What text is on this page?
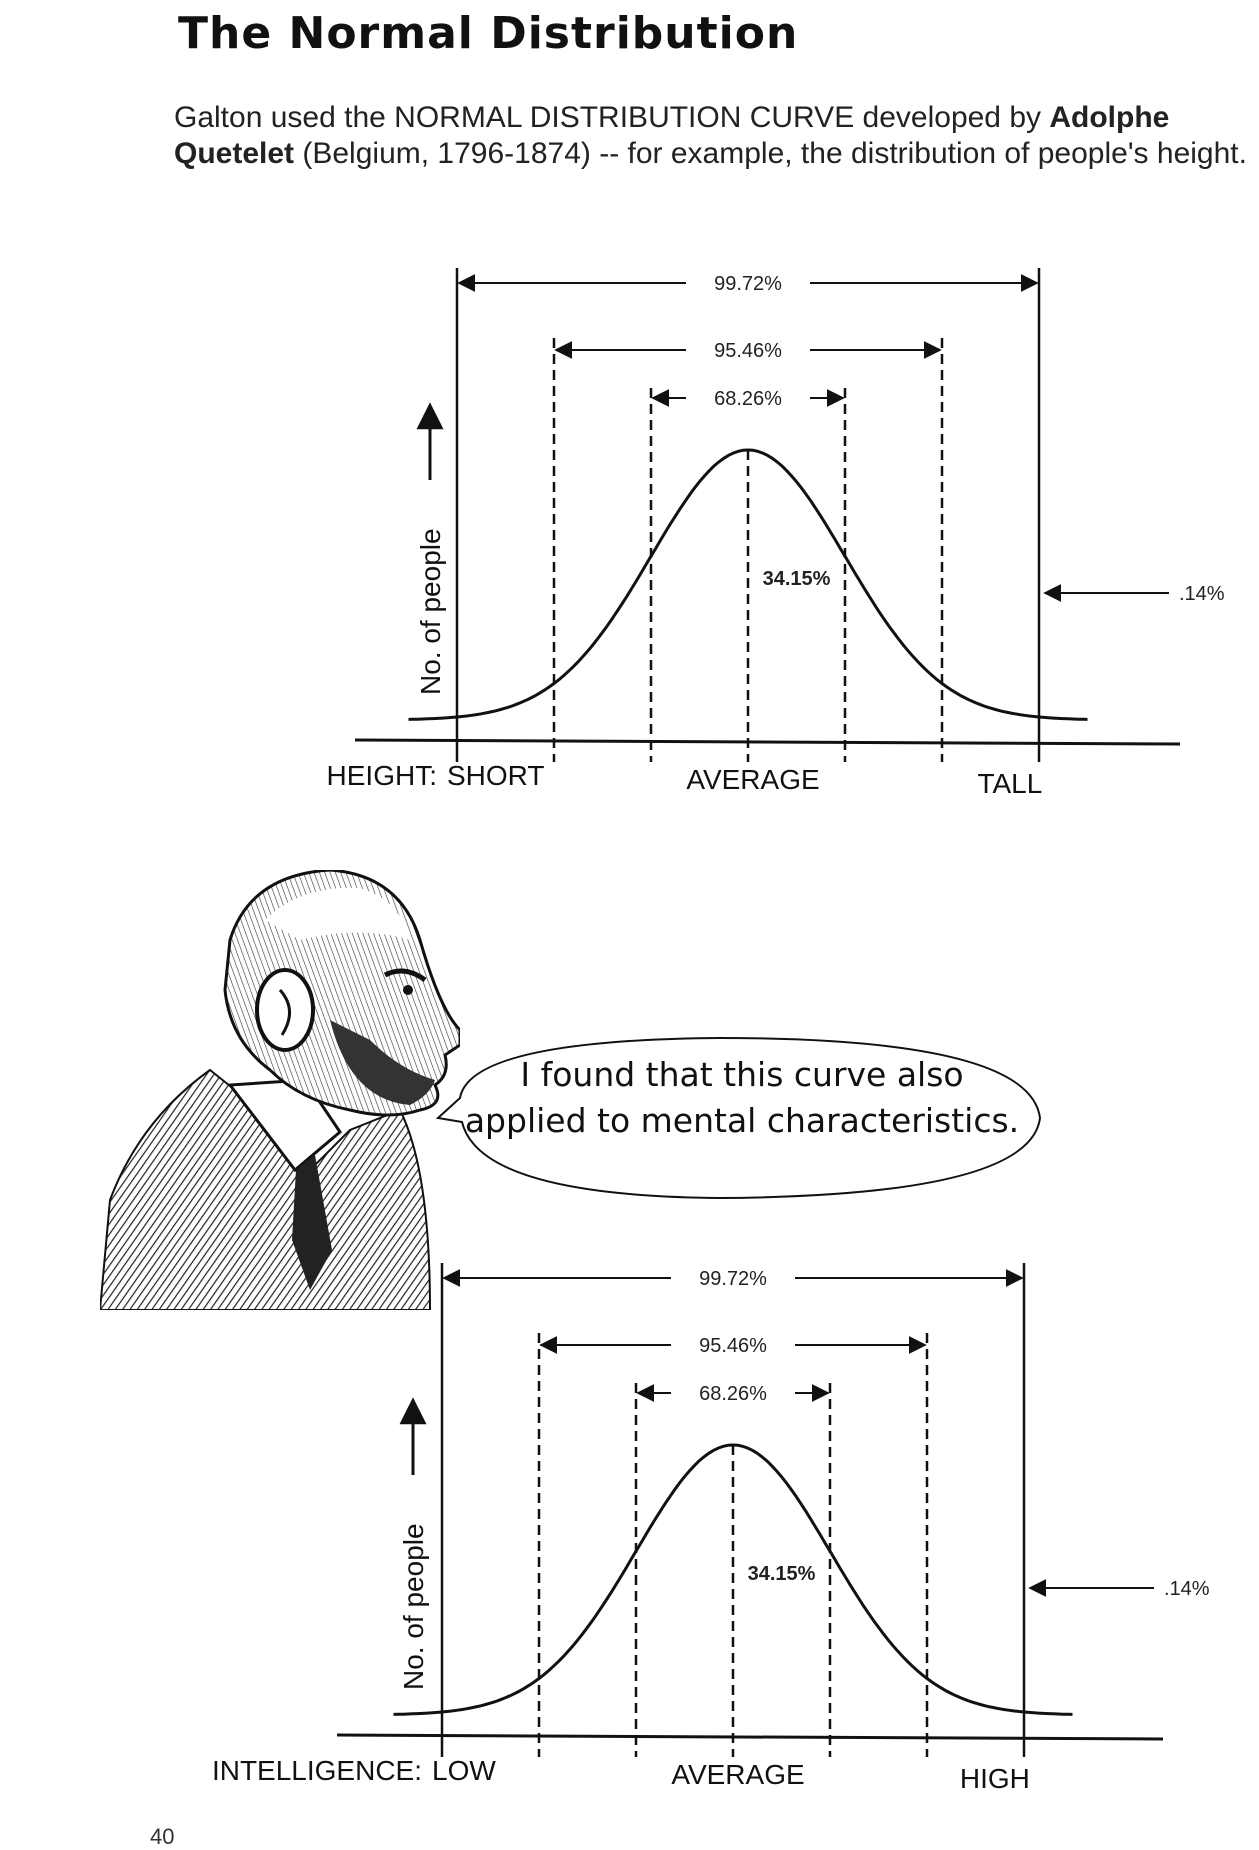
The Normal Distribution
Galton used the NORMAL DISTRIBUTION CURVE developed by Adolphe Quetelet (Belgium, 1796-1874) -- for example, the distribution of people's height.
99.72%
95.46%
68.26%
34.15%
.14%
No. of people
HEIGHT: SHORT	AVERAGE	TALL
I found that this curve also applied to mental characteristics.
99.72%
95.46%
68.26%
34.15%
.14%
No. of people
INTELLIGENCE: LOW	AVERAGE	HIGH
40
